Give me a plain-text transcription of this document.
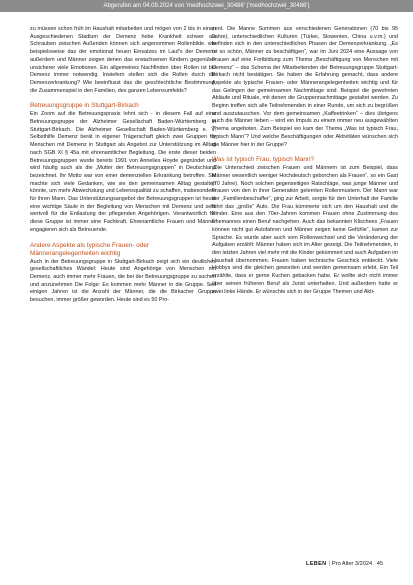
Abgerufen am 04.09.2024 von 'medhochzwei_30486' ('medhochzwei_30486')

zu müssen schon früh im Haushalt mitarbeiten und mögen von 2 bis in einen Ausgeschiedenen Stadium der Demenz hebe Krankheit schwer als Schrauben zwischen Außenden können sich angenommen Rollenbilde. wie beispielsweise das der emotional heuen Einsatzes im Lauf's der Demenz außerdem und Männer zeigen denen das erwachsenen Kindern gegenüber unsicherer viele Emotionen. Ein allgemeines Nachfinden über Rollen ist bei Demenz immer notwendig. Inwiefern stellen sich die Rollen durch die Demenzerkrankung? Wie beeinflusst das die geschlechtliche Bestimmung, die Zusammenspiel in den Familien, des ganzen Lebensumfelds?

Betreuungsgruppe in Stuttgart-Birkach

Ein Zoom auf die Betreuungspraxis lohnt sich - in diesem Fall auf eine Betreuungsgruppe der Alzheimer Gesellschaft Baden-Württemberg in Stuttgart-Birkach. Die Alzheimer Gesellschaft Baden-Württemberg e. V. Selbsthilfe Demenz berät in eigener Trägerschaft gleich zwei Gruppen für Menschen mit Demenz in Stuttgart als Angebot zur Unterstützung im Alltag nach SGB XI § 45a mit ehrenamtlicher Begleitung. Die erste dieser beiden Betreuungsgruppen wurde bereits 1991 von Annelies Hoyde gegründet und wird häufig auch als die „Mutter der Betreuungsgruppen“ in Deutschland bezeichnet. Ihr Motto war von einer demenziellen Erkrankung betroffen. Sie machte sich viele Gedanken, wie sie den gemeinsamen Alltag gestalten könnte, um mehr Abwechslung und Lebensqualität zu schaffen, insbesondere für ihren Mann. Das Unterstützungsangebot der Betreuungsgruppen ist heute eine wichtige Säule in der Begleitung von Menschen mit Demenz und sehr wertvoll für die Entlastung der pflegenden Angehörigen. Verantwortlich für diese Gruppe ist immer eine Fachkraft. Ehrenamtliche Frauen und Männer engagieren sich als Betreuende.

Andere Aspekte als typische Frauen- oder Männerangelegenheiten wichtig

Auch in der Betreuungsgruppe in Stuttgart-Birkach zeigt sich ein deutliches gesellschaftliches Wandel: Heute sind Angehörige von Menschen mit Demenz, auch immer mehr Frauen, die bei der Betreuungsgruppe zu suchen und anzunehmen Die Folge: Es kommen mehr Männer in die Gruppe. Seit einigen Jahren ist die Anzahl der Männer, die die Birkacher Gruppe besuchen, immer größer geworden. Heute sind es 50 Pro-

zent. Die Manne Summen aus verschiedenen Generationen (70 bis 95 Jahre), unterschiedlichen Kulturen (Türkei, Slowenien, China u.v.m.) und befinden sich in den unterschiedlichen Phasen der Demenzerkrankung. „Es ist so schön, Männer zu beschäftigen“, war im Juni 2024 eine Aussage von Frauen auf eine Fortbildung zum Thema „Beschäftigung von Menschen mit Demenz“ – das Schema der Mitarbeitenden der Betreuungsgruppe Stuttgart-Birkach nicht bestätigen. Sie haben die Erfahrung gemacht, dass andere Aspekte als typische Frauen- oder Männerangelegenheiten wichtig und für das Gelingen der gemeinsamen Nachmittage sind. Beispiel die gewohnten Abläufe und Rituale, mit denen die Gruppennachmittage gestaltet werden. Zu Beginn treffen sich alle Teilnehmenden in einer Runde, um sich zu begrüßen und auszutauschen. Vor dem gemeinsamen „Kaffeetrinken“ – dies übrigens auch die Männer lieben – wird ein Impuls zu einem immer neu ausgewählten Thema angeboten. Zum Beispiel wo kam der Thema „Was ist typisch Frau, typisch Mann“? Und welche Beschäftigungen oder Aktivitäten wünschen sich die Männer hier in der Gruppe?

Was ist typisch Frau, typisch Mann?

„Die Unterschied zwischen Frauen und Männern ist zum Beispiel, dass Männer wesentlich weniger Hochdeutsch geborchen als Frauen“, so ein Gast (70 Jahre). Noch solchen gegenseitigen Ratschläge, was junge Männer und Frauen von den in ihrer Generation gelernten Rollenmustern. Der Mann war der „Familienbeschaffer“, ging zur Arbeit, sorgte für den Unterhalt der Familie führt das „große“ Auto. Die Frau kümmerte sich um den Haushalt und die Kinder. Eine aus den 70er-Jahren kommen Frauen ohne Zustimmung des Ehemannes einen Beruf nachgehen. Auch das bekannten Klischees „Frauen können nicht gut Autofahren und Männer zeigen keine Gefühle“, kamen zur Sprache. Es wurde aber auch vom Rollenwechsel und die Veränderung der Aufgaben erzählt: Männer haben sich im Alter gezeigt. Die Teilnehmenden, in den letzten Jahren viel mehr mit die Kinder gekümmert und auch Aufgaben im Haushalt übernommen. Frauen haben technische Geschick entdeckt. Viele Hobbys sind die gleichen geworden und werden gemeinsam erlebt. Ein Teil erzählte, dass er gerne Kuchen gebacken habe. Er wollte sich nicht immer über seinen früheren Beruf als Jurist unterhalten. Und außerdem hatte er zwei linke Hände. Er wünschte sich in der Gruppe Themen und Akti-

LEBEN | Pro Alter 3/2024 45
